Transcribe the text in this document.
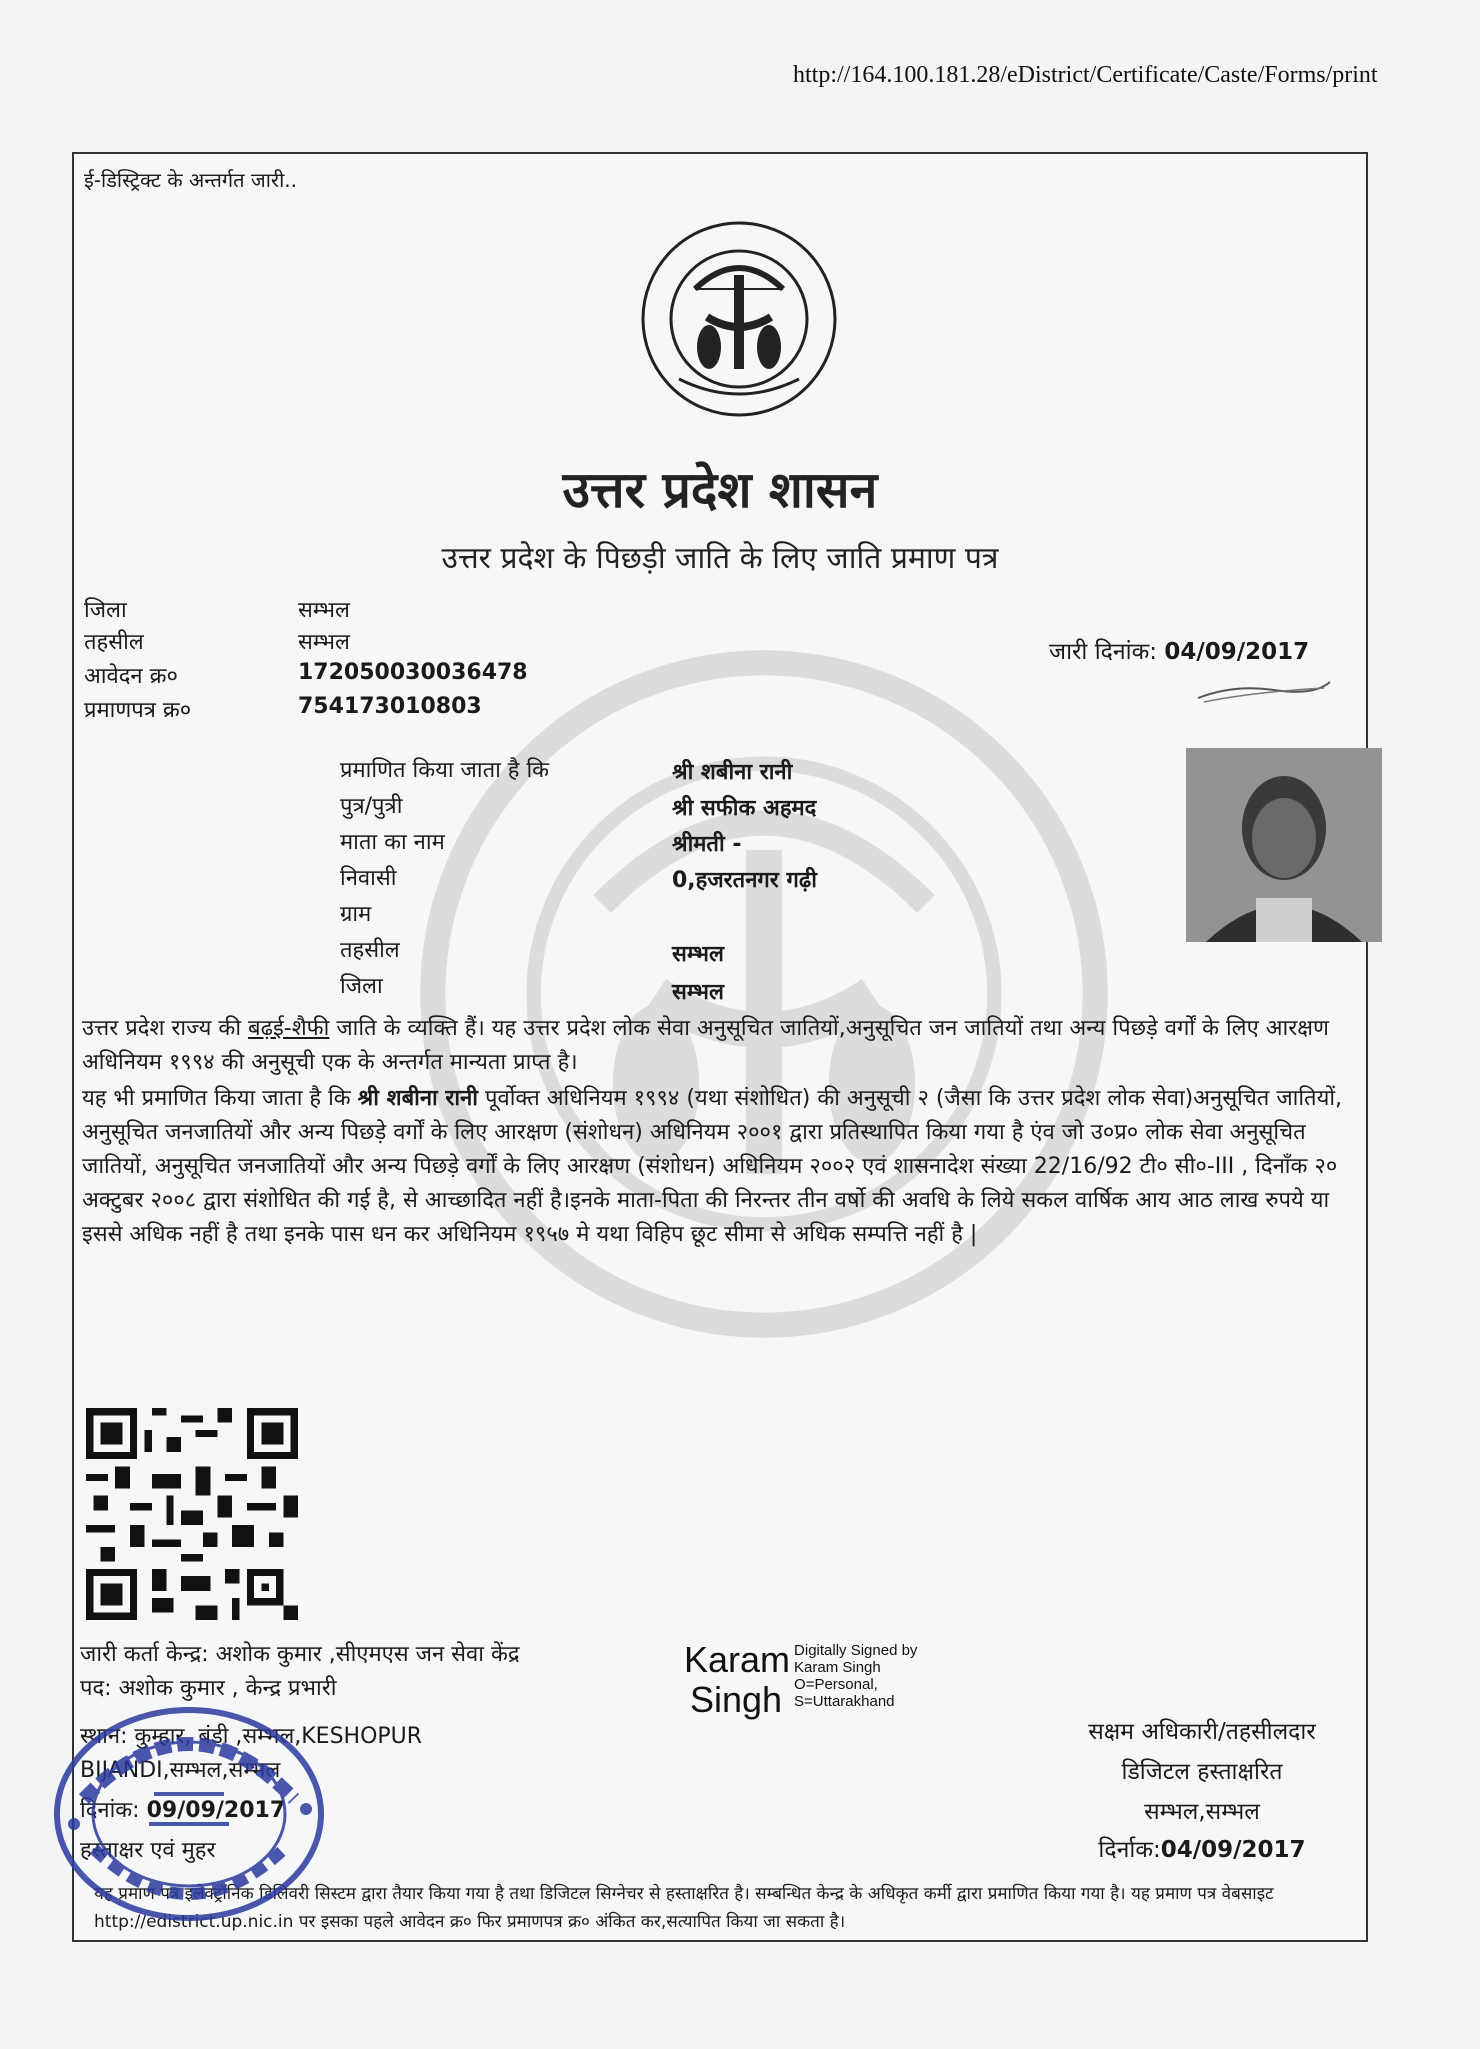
http://164.100.181.28/eDistrict/Certificate/Caste/Forms/print
ई-डिस्ट्रिक्ट के अन्तर्गत जारी..
उत्तर प्रदेश शासन
उत्तर प्रदेश के पिछड़ी जाति के लिए जाति प्रमाण पत्र
जिला	सम्भल
तहसील	सम्भल
आवेदन क्र०	172050030036478
प्रमाणपत्र क्र०	754173010803
जारी दिनांक: 04/09/2017
प्रमाणित किया जाता है कि	श्री शबीना रानी
पुत्र/पुत्री	श्री सफीक अहमद
माता का नाम	श्रीमती -
निवासी	0,हजरतनगर गढ़ी
ग्राम
तहसील	सम्भल
जिला	सम्भल
उत्तर प्रदेश राज्य की बढ़ई-शैफी जाति के व्यक्ति हैं। यह उत्तर प्रदेश लोक सेवा अनुसूचित जातियों,अनुसूचित जन जातियों तथा अन्य पिछड़े वर्गों के लिए आरक्षण अधिनियम १९९४ की अनुसूची एक के अन्तर्गत मान्यता प्राप्त है।
यह भी प्रमाणित किया जाता है कि श्री शबीना रानी पूर्वोक्त अधिनियम १९९४ (यथा संशोधित) की अनुसूची २ (जैसा कि उत्तर प्रदेश लोक सेवा)अनुसूचित जातियों, अनुसूचित जनजातियों और अन्य पिछड़े वर्गों के लिए आरक्षण (संशोधन) अधिनियम २००१ द्वारा प्रतिस्थापित किया गया है एंव जो उ०प्र० लोक सेवा अनुसूचित जातियों, अनुसूचित जनजातियों और अन्य पिछड़े वर्गों के लिए आरक्षण (संशोधन) अधिनियम २००२ एवं शासनादेश संख्या 22/16/92 टी० सी०-III , दिनाँक २० अक्टुबर २००८ द्वारा संशोधित की गई है, से आच्छादित नहीं है।इनके माता-पिता की निरन्तर तीन वर्षो की अवधि के लिये सकल वार्षिक आय आठ लाख रुपये या इससे अधिक नहीं है तथा इनके पास धन कर अधिनियम १९५७ मे यथा विहिप छूट सीमा से अधिक सम्पत्ति नहीं है |
जारी कर्ता केन्द्र: अशोक कुमार ,सीएमएस जन सेवा केंद्र
पद: अशोक कुमार , केन्द्र प्रभारी
स्थान: कुम्हार, बंडी ,सम्भल,KESHOPUR
BIJANDI,सम्भल,सम्भल
दिनांक: 09/09/2017
हस्ताक्षर एवं मुहर
Karam
Singh
Digitally Signed by
Karam Singh
O=Personal,
S=Uttarakhand
सक्षम अधिकारी/तहसीलदार
डिजिटल हस्ताक्षरित
सम्भल,सम्भल
दिर्नाक:04/09/2017
यह प्रमाण पत्र इलेक्ट्रॉनिक डिलिवरी सिस्टम द्वारा तैयार किया गया है तथा डिजिटल सिग्नेचर से हस्ताक्षरित है। सम्बन्धित केन्द्र के अधिकृत कर्मी द्वारा प्रमाणित किया गया है। यह प्रमाण पत्र वेबसाइट http://edistrict.up.nic.in पर इसका पहले आवेदन क्र० फिर प्रमाणपत्र क्र० अंकित कर,सत्यापित किया जा सकता है।
